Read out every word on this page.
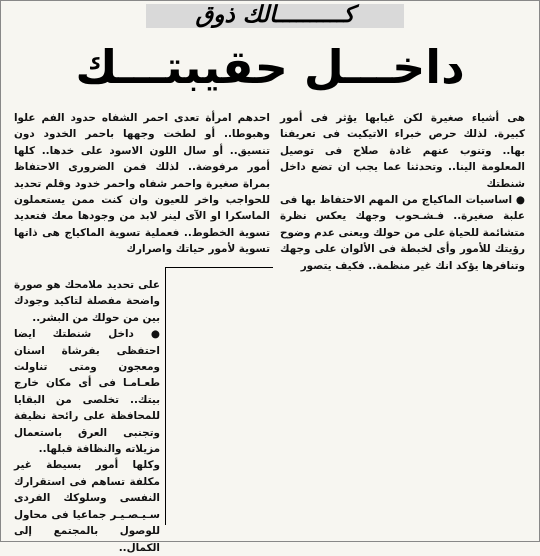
كــــــــــالك ذوق
داخـــل حقيبتـــك

هى أشياء صغيرة لكن غيابها يؤثر فى أمور كبيرة. لذلك حرص خبراء الاتيكيت فى تعريفنا بها.. وتنوب عنهم غادة صلاح فى توصيل المعلومة الينا.. وتحدثنا عما يجب ان تضع داخل شنطتك

● اساسيات الماكياج من المهم الاحتفاظ بها فى علبة صغيرة.. فـشـحوب وجهك يعكس نظرة متشائمة للحياة على من حولك ويعنى عدم وضوح رؤيتك للأمور وأى لخبطة فى الألوان على وجهك وتنافرها يؤكد انك غير منظمة.. فكيف يتصور

احدهم امرأة تعدى احمر الشفاه حدود الفم علوا وهبوطا.. أو لطخت وجهها باحمر الخدود دون تنسيق.. أو سال اللون الاسود على خدها.. كلها أمور مرفوضة.. لذلك فمن الضرورى الاحتفاظ بمراة صغيرة واحمر شفاه واحمر خدود وقلم تحديد للحواجب واخر للعيون وان كنت ممن يستعملون الماسكرا او الآى لينر لابد من وجودها معك فتعديد تسوية الخطوط.. فعملية تسوية الماكياج هى ذاتها تسوية لأمور حياتك واصرارك

على تحديد ملامحك هو صورة واضحة مفصلة لتاكيد وجودك بين من حولك من البشر..

● داخل شنطتك ايضا احتفظى بفرشاة اسنان ومعجون ومتى تناولت طعـامـا فى أى مكان خارج بيتك.. تخلصى من البقايا للمحافظة على رائحة نظيفة وتجنبى العرق باستعمال مزيلاته والنظافة قبلها..

وكلها أمور بسيطة غير مكلفة تساهم فى استقرارك النفسى وسلوكك الفردى سـيـصـيـر جماعيا فى محاول للوصول بالمجتمع إلى الكمال..
